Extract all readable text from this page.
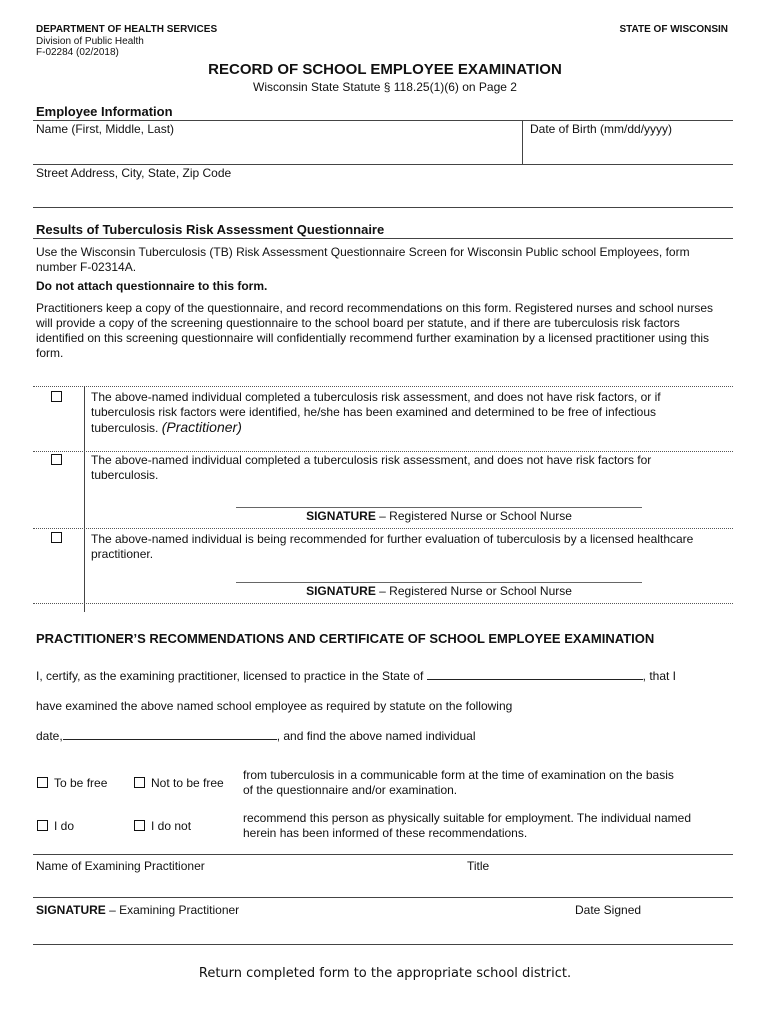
DEPARTMENT OF HEALTH SERVICES
Division of Public Health
F-02284 (02/2018)
STATE OF WISCONSIN
RECORD OF SCHOOL EMPLOYEE EXAMINATION
Wisconsin State Statute § 118.25(1)(6) on Page 2
Employee Information
Name (First, Middle, Last)	Date of Birth (mm/dd/yyyy)
Street Address, City, State, Zip Code
Results of Tuberculosis Risk Assessment Questionnaire
Use the Wisconsin Tuberculosis (TB) Risk Assessment Questionnaire Screen for Wisconsin Public school Employees, form number F-02314A.
Do not attach questionnaire to this form.
Practitioners keep a copy of the questionnaire, and record recommendations on this form. Registered nurses and school nurses will provide a copy of the screening questionnaire to the school board per statute, and if there are tuberculosis risk factors identified on this screening questionnaire will confidentially recommend further examination by a licensed practitioner using this form.
The above-named individual completed a tuberculosis risk assessment, and does not have risk factors, or if tuberculosis risk factors were identified, he/she has been examined and determined to be free of infectious tuberculosis. (Practitioner)
The above-named individual completed a tuberculosis risk assessment, and does not have risk factors for tuberculosis.
SIGNATURE – Registered Nurse or School Nurse
The above-named individual is being recommended for further evaluation of tuberculosis by a licensed healthcare practitioner.
SIGNATURE – Registered Nurse or School Nurse
PRACTITIONER’S RECOMMENDATIONS AND CERTIFICATE OF SCHOOL EMPLOYEE EXAMINATION
I, certify, as the examining practitioner, licensed to practice in the State of	, that I
have examined the above named school employee as required by statute on the following
date,	, and find the above named individual
To be free	Not to be free
from tuberculosis in a communicable form at the time of examination on the basis of the questionnaire and/or examination.
I do	I do not
recommend this person as physically suitable for employment. The individual named herein has been informed of these recommendations.
Name of Examining Practitioner	Title
SIGNATURE – Examining Practitioner	Date Signed
Return completed form to the appropriate school district.
